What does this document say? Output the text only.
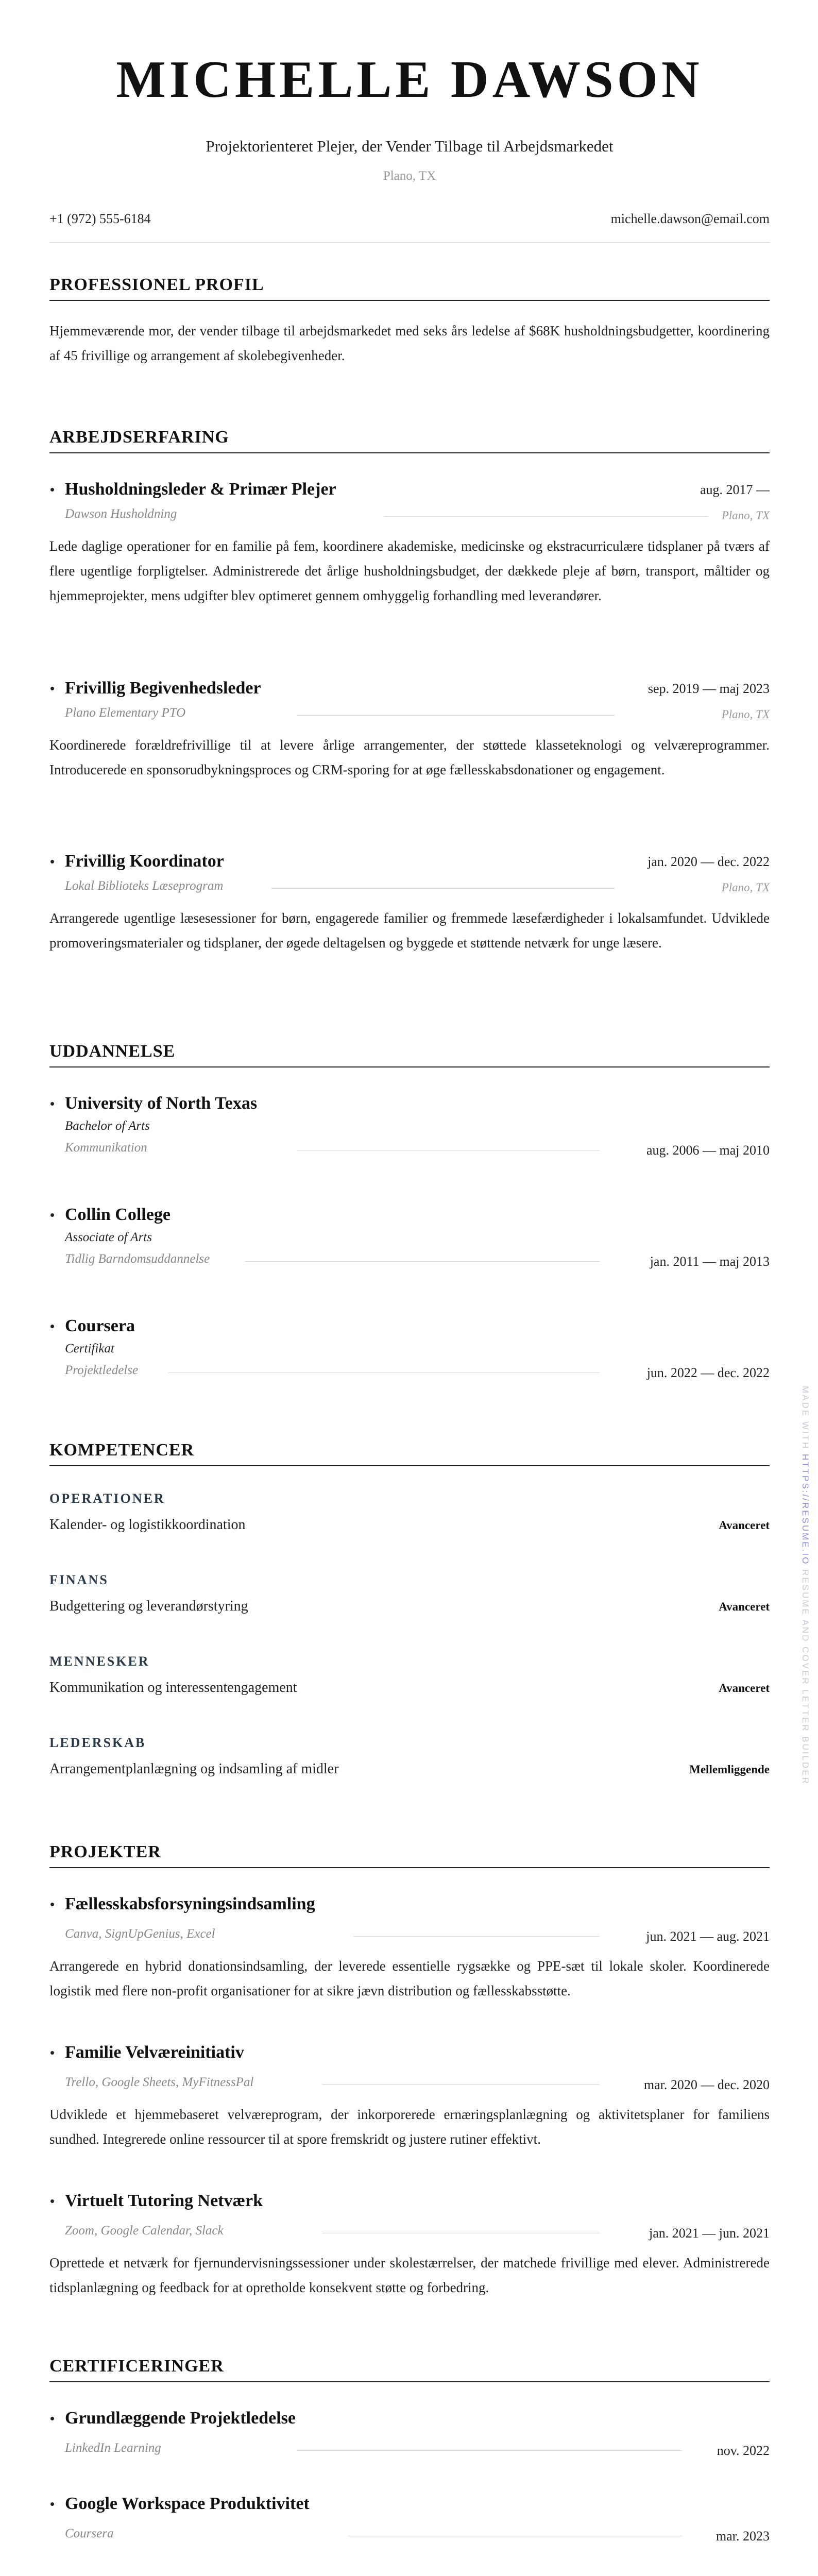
MICHELLE DAWSON
Projektorienteret Plejer, der Vender Tilbage til Arbejdsmarkedet
Plano, TX
+1 (972) 555-6184	michelle.dawson@email.com
PROFESSIONEL PROFIL
Hjemmeværende mor, der vender tilbage til arbejdsmarkedet med seks års ledelse af $68K husholdningsbudgetter, koordinering af 45 frivillige og arrangement af skolebegivenheder.
ARBEJDSERFARING
Husholdningsleder & Primær Plejer	aug. 2017 —
Dawson Husholdning	Plano, TX
Lede daglige operationer for en familie på fem, koordinere akademiske, medicinske og ekstracurriculære tidsplaner på tværs af flere ugentlige forpligtelser. Administrerede det årlige husholdningsbudget, der dækkede pleje af børn, transport, måltider og hjemmeprojekter, mens udgifter blev optimeret gennem omhyggelig forhandling med leverandører.
Frivillig Begivenhedsleder	sep. 2019 — maj 2023
Plano Elementary PTO	Plano, TX
Koordinerede forældrefrivillige til at levere årlige arrangementer, der støttede klasseteknologi og velværeprogrammer. Introducerede en sponsorudbykningsproces og CRM-sporing for at øge fællesskabsdonationer og engagement.
Frivillig Koordinator	jan. 2020 — dec. 2022
Lokal Biblioteks Læseprogram	Plano, TX
Arrangerede ugentlige læsesessioner for børn, engagerede familier og fremmede læsefærdigheder i lokalsamfundet. Udviklede promoveringsmaterialer og tidsplaner, der øgede deltagelsen og byggede et støttende netværk for unge læsere.
UDDANNELSE
University of North Texas
Bachelor of Arts
Kommunikation	aug. 2006 — maj 2010
Collin College
Associate of Arts
Tidlig Barndomsuddannelse	jan. 2011 — maj 2013
Coursera
Certifikat
Projektledelse	jun. 2022 — dec. 2022
KOMPETENCER
OPERATIONER
Kalender- og logistikkoordination	Avanceret
FINANS
Budgettering og leverandørstyring	Avanceret
MENNESKER
Kommunikation og interessentengagement	Avanceret
LEDERSKAB
Arrangementplanlægning og indsamling af midler	Mellemliggende
PROJEKTER
Fællesskabsforsyningsindsamling
Canva, SignUpGenius, Excel	jun. 2021 — aug. 2021
Arrangerede en hybrid donationsindsamling, der leverede essentielle rygsække og PPE-sæt til lokale skoler. Koordinerede logistik med flere non-profit organisationer for at sikre jævn distribution og fællesskabsstøtte.
Familie Velværeinitiativ
Trello, Google Sheets, MyFitnessPal	mar. 2020 — dec. 2020
Udviklede et hjemmebaseret velværeprogram, der inkorporerede ernæringsplanlægning og aktivitetsplaner for familiens sundhed. Integrerede online ressourcer til at spore fremskridt og justere rutiner effektivt.
Virtuelt Tutoring Netværk
Zoom, Google Calendar, Slack	jan. 2021 — jun. 2021
Oprettede et netværk for fjernundervisningssessioner under skolestærrelser, der matchede frivillige med elever. Administrerede tidsplanlægning og feedback for at opretholde konsekvent støtte og forbedring.
CERTIFICERINGER
Grundlæggende Projektledelse
LinkedIn Learning	nov. 2022
Google Workspace Produktivitet
Coursera	mar. 2023
MADE WITH HTTPS://RESUME.IO RESUME AND COVER LETTER BUILDER
